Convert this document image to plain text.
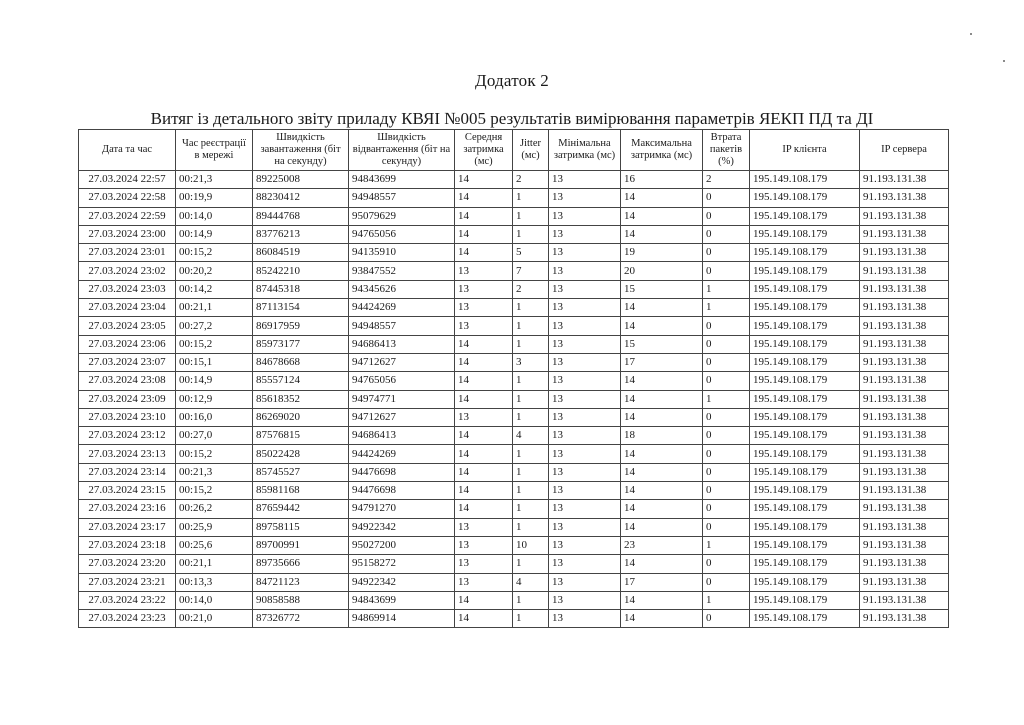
Додаток 2
Витяг із детального звіту приладу КВЯІ №005 результатів вимірювання параметрів ЯЕКП ПД та ДІ
Дата та час	Час реєстрації в мережі	Швидкість завантаження (біт на секунду)	Швидкість відвантаження (біт на секунду)	Середня затримка (мс)	Jitter (мс)	Мінімальна затримка (мс)	Максимальна затримка (мс)	Втрата пакетів (%)	IP клієнта	IP сервера
27.03.2024 22:57	00:21,3	89225008	94843699	14	2	13	16	2	195.149.108.179	91.193.131.38
27.03.2024 22:58	00:19,9	88230412	94948557	14	1	13	14	0	195.149.108.179	91.193.131.38
27.03.2024 22:59	00:14,0	89444768	95079629	14	1	13	14	0	195.149.108.179	91.193.131.38
27.03.2024 23:00	00:14,9	83776213	94765056	14	1	13	14	0	195.149.108.179	91.193.131.38
27.03.2024 23:01	00:15,2	86084519	94135910	14	5	13	19	0	195.149.108.179	91.193.131.38
27.03.2024 23:02	00:20,2	85242210	93847552	13	7	13	20	0	195.149.108.179	91.193.131.38
27.03.2024 23:03	00:14,2	87445318	94345626	13	2	13	15	1	195.149.108.179	91.193.131.38
27.03.2024 23:04	00:21,1	87113154	94424269	13	1	13	14	1	195.149.108.179	91.193.131.38
27.03.2024 23:05	00:27,2	86917959	94948557	13	1	13	14	0	195.149.108.179	91.193.131.38
27.03.2024 23:06	00:15,2	85973177	94686413	14	1	13	15	0	195.149.108.179	91.193.131.38
27.03.2024 23:07	00:15,1	84678668	94712627	14	3	13	17	0	195.149.108.179	91.193.131.38
27.03.2024 23:08	00:14,9	85557124	94765056	14	1	13	14	0	195.149.108.179	91.193.131.38
27.03.2024 23:09	00:12,9	85618352	94974771	14	1	13	14	1	195.149.108.179	91.193.131.38
27.03.2024 23:10	00:16,0	86269020	94712627	13	1	13	14	0	195.149.108.179	91.193.131.38
27.03.2024 23:12	00:27,0	87576815	94686413	14	4	13	18	0	195.149.108.179	91.193.131.38
27.03.2024 23:13	00:15,2	85022428	94424269	14	1	13	14	0	195.149.108.179	91.193.131.38
27.03.2024 23:14	00:21,3	85745527	94476698	14	1	13	14	0	195.149.108.179	91.193.131.38
27.03.2024 23:15	00:15,2	85981168	94476698	14	1	13	14	0	195.149.108.179	91.193.131.38
27.03.2024 23:16	00:26,2	87659442	94791270	14	1	13	14	0	195.149.108.179	91.193.131.38
27.03.2024 23:17	00:25,9	89758115	94922342	13	1	13	14	0	195.149.108.179	91.193.131.38
27.03.2024 23:18	00:25,6	89700991	95027200	13	10	13	23	1	195.149.108.179	91.193.131.38
27.03.2024 23:20	00:21,1	89735666	95158272	13	1	13	14	0	195.149.108.179	91.193.131.38
27.03.2024 23:21	00:13,3	84721123	94922342	13	4	13	17	0	195.149.108.179	91.193.131.38
27.03.2024 23:22	00:14,0	90858588	94843699	14	1	13	14	1	195.149.108.179	91.193.131.38
27.03.2024 23:23	00:21,0	87326772	94869914	14	1	13	14	0	195.149.108.179	91.193.131.38
